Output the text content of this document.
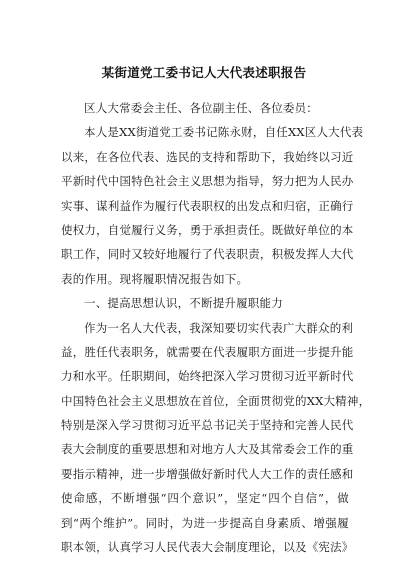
某街道党工委书记人大代表述职报告
区人大常委会主任、各位副主任、各位委员：
本人是XX街道党工委书记陈永财，自任XX区人大代表
以来，在各位代表、选民的支持和帮助下，我始终以习近
平新时代中国特色社会主义思想为指导，努力把为人民办
实事、谋利益作为履行代表职权的出发点和归宿，正确行
使权力，自觉履行义务，勇于承担责任。既做好单位的本
职工作，同时又较好地履行了代表职责，积极发挥人大代
表的作用。现将履职情况报告如下。
一、提高思想认识，不断提升履职能力
作为一名人大代表，我深知要切实代表广大群众的利
益，胜任代表职务，就需要在代表履职方面进一步提升能
力和水平。任职期间，始终把深入学习贯彻习近平新时代
中国特色社会主义思想放在首位，全面贯彻党的XX大精神，
特别是深入学习贯彻习近平总书记关于坚持和完善人民代
表大会制度的重要思想和对地方人大及其常委会工作的重
要指示精神，进一步增强做好新时代人大工作的责任感和
使命感，不断增强“四个意识”，坚定“四个自信”，做
到“两个维护”。同时，为进一步提高自身素质、增强履
职本领，认真学习人民代表大会制度理论，以及《宪法》
